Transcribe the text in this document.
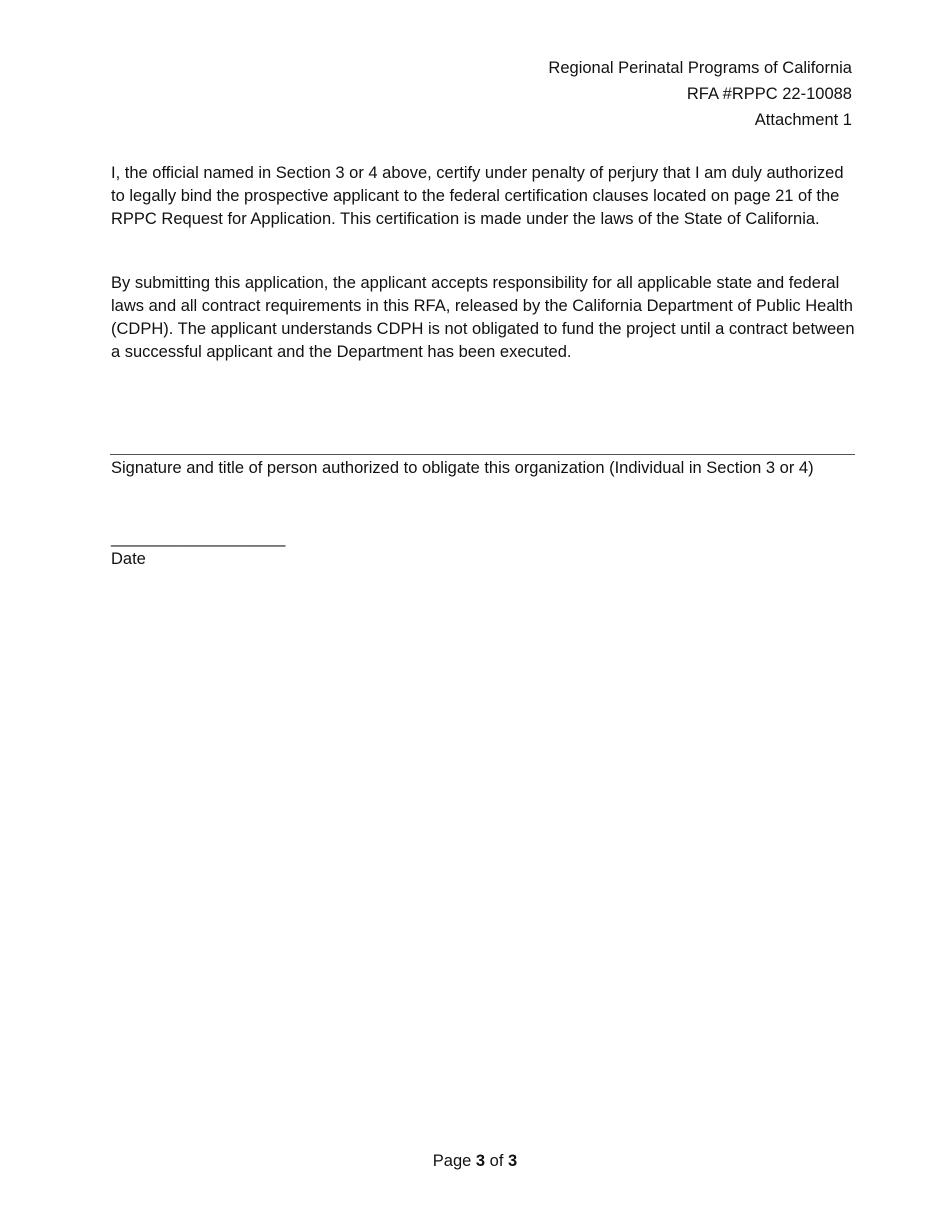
Regional Perinatal Programs of California
RFA #RPPC 22-10088
Attachment 1

I, the official named in Section 3 or 4 above, certify under penalty of perjury that I am duly authorized to legally bind the prospective applicant to the federal certification clauses located on page 21 of the RPPC Request for Application. This certification is made under the laws of the State of California.

By submitting this application, the applicant accepts responsibility for all applicable state and federal laws and all contract requirements in this RFA, released by the California Department of Public Health (CDPH). The applicant understands CDPH is not obligated to fund the project until a contract between a successful applicant and the Department has been executed.

Signature and title of person authorized to obligate this organization (Individual in Section 3 or 4)
___________________
Date
Page 3 of 3
